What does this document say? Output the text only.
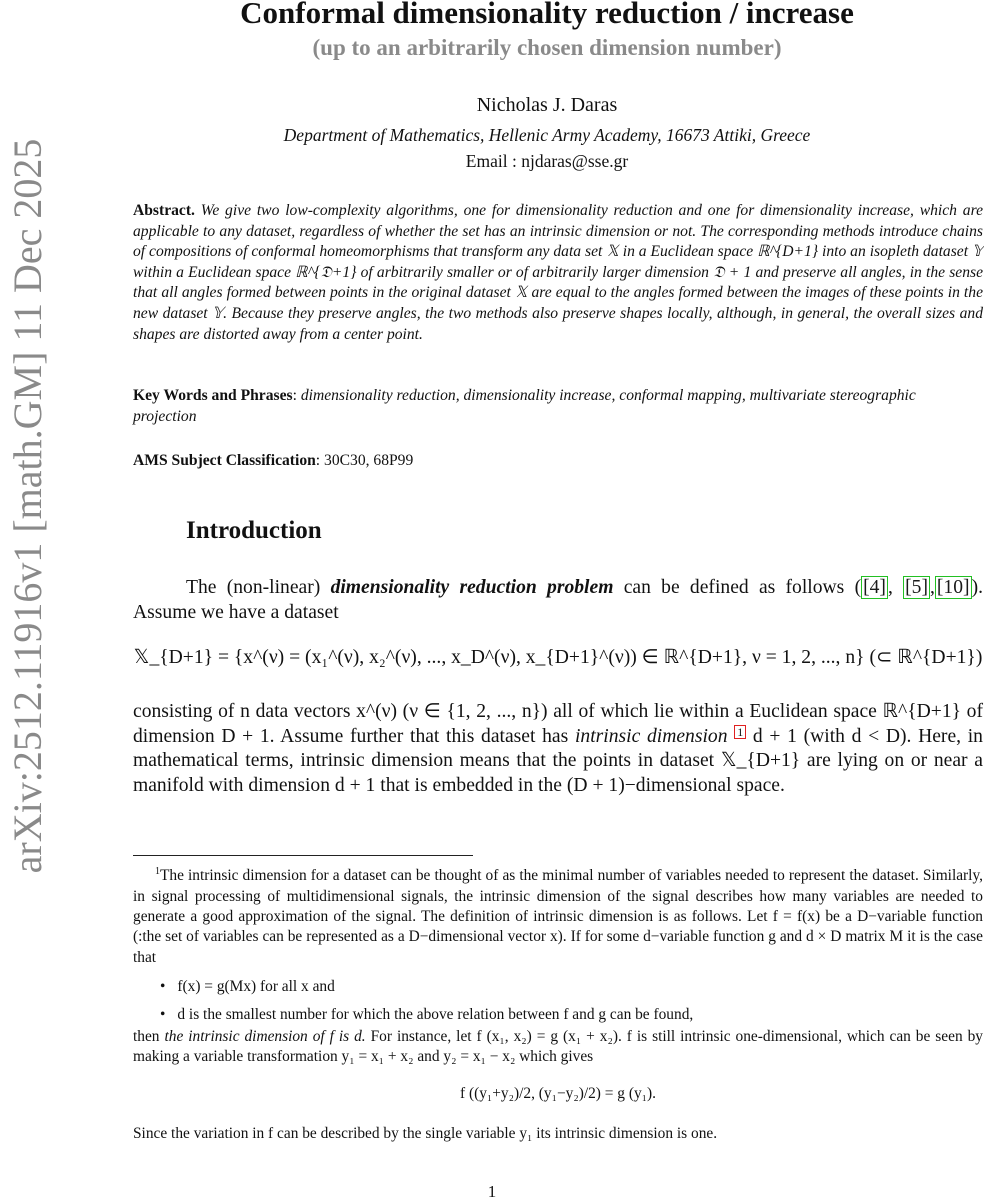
arXiv:2512.11916v1 [math.GM] 11 Dec 2025
Conformal dimensionality reduction / increase
(up to an arbitrarily chosen dimension number)
Nicholas J. Daras
Department of Mathematics, Hellenic Army Academy, 16673 Attiki, Greece
Email : njdaras@sse.gr
Abstract. We give two low-complexity algorithms, one for dimensionality reduction and one for dimensionality increase, which are applicable to any dataset, regardless of whether the set has an intrinsic dimension or not. The corresponding methods introduce chains of compositions of conformal homeomorphisms that transform any data set 𝕏 in a Euclidean space ℝ^{D+1} into an isopleth dataset 𝕐 within a Euclidean space ℝ^{𝔇+1} of arbitrarily smaller or of arbitrarily larger dimension 𝔇 + 1 and preserve all angles, in the sense that all angles formed between points in the original dataset 𝕏 are equal to the angles formed between the images of these points in the new dataset 𝕐. Because they preserve angles, the two methods also preserve shapes locally, although, in general, the overall sizes and shapes are distorted away from a center point.
Key Words and Phrases: dimensionality reduction, dimensionality increase, conformal mapping, multivariate stereographic projection
AMS Subject Classification: 30C30, 68P99
Introduction
The (non-linear) dimensionality reduction problem can be defined as follows ( [4] , [5] , [10] ). Assume we have a dataset
𝕏_{D+1} = {x^(ν) = (x₁^(ν), x₂^(ν), ..., x_D^(ν), x_{D+1}^(ν)) ∈ ℝ^{D+1}, ν = 1, 2, ..., n} (⊂ ℝ^{D+1})
consisting of n data vectors x^(ν) (ν ∈ {1, 2, ..., n}) all of which lie within a Euclidean space ℝ^{D+1} of dimension D + 1. Assume further that this dataset has intrinsic dimension 1 d + 1 (with d < D). Here, in mathematical terms, intrinsic dimension means that the points in dataset 𝕏_{D+1} are lying on or near a manifold with dimension d + 1 that is embedded in the (D + 1)−dimensional space.
$^1$The intrinsic dimension for a dataset can be thought of as the minimal number of variables needed to represent the dataset. Similarly, in signal processing of multidimensional signals, the intrinsic dimension of the signal describes how many variables are needed to generate a good approximation of the signal. The definition of intrinsic dimension is as follows. Let f = f(x) be a D−variable function (:the set of variables can be represented as a D−dimensional vector x). If for some d−variable function g and d × D matrix M it is the case that
• f(x) = g(Mx) for all x and
• d is the smallest number for which the above relation between f and g can be found,
then the intrinsic dimension of f is d. For instance, let f (x₁, x₂) = g (x₁ + x₂). f is still intrinsic one-dimensional, which can be seen by making a variable transformation y₁ = x₁ + x₂ and y₂ = x₁ − x₂ which gives
f ((y₁+y₂)/2, (y₁−y₂)/2) = g (y₁).
Since the variation in f can be described by the single variable y₁ its intrinsic dimension is one.
1
